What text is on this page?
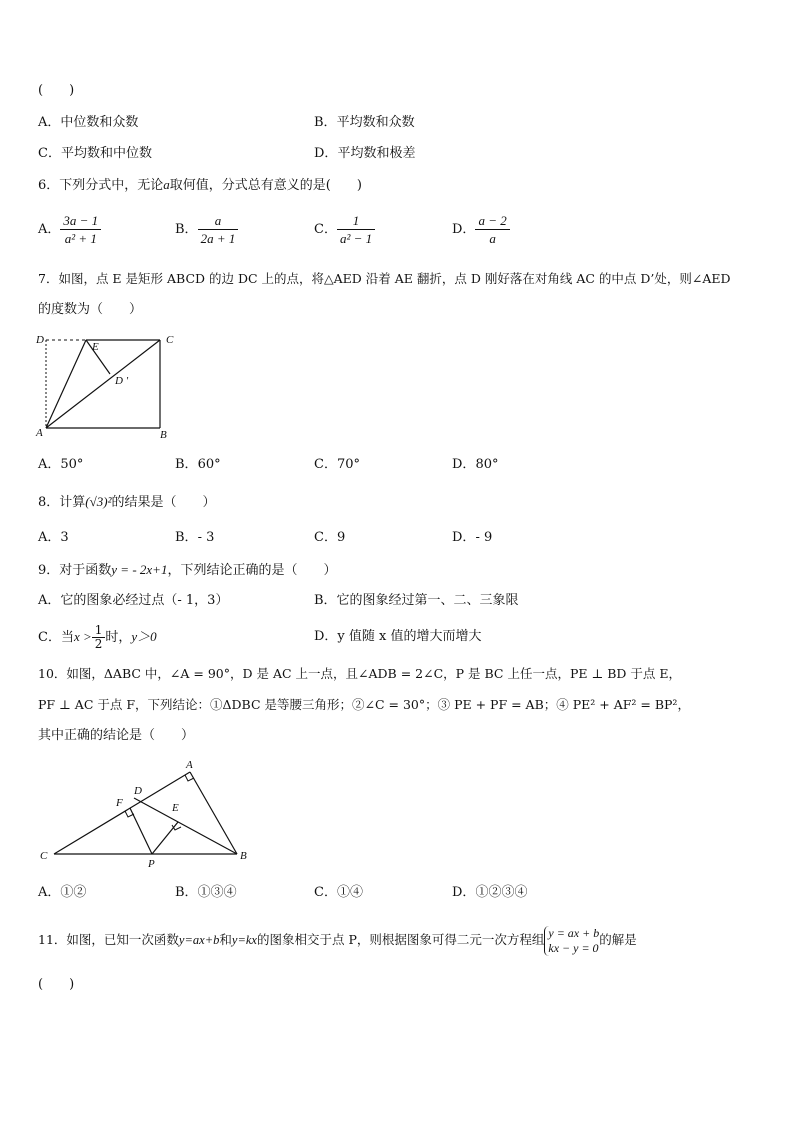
(　　)
A．中位数和众数	B．平均数和众数
C．平均数和中位数	D．平均数和极差
6．下列分式中，无论a取何值，分式总有意义的是(　　)
A． $\frac{3a - 1}{\text{a² + 1}}$	B． $\frac{a}{2a + 1}$	C． $\frac{1}{\text{a² − 1}}$	D． $\frac{a - 2}{a}$
7．如图，点 E 是矩形 ABCD 的边 DC 上的点，将△AED 沿着 AE 翻折，点 D 刚好落在对角线 AC 的中点 D’处，则∠AED
的度数为（　　）
D
E
C
D '
A	B
A．50°	B．60°	C．70°	D．80°
8．计算(√3)²的结果是（　　）
A．3	B．- 3	C．9	D．- 9
9．对于函数y = - 2x+1，下列结论正确的是（　　）
A．它的图象必经过点（- 1，3）	B．它的图象经过第一、二、三象限
C．当$x > \frac{1}{2}$ 时，y＞0	D．y 值随 x 值的增大而增大
10．如图，ΔABC 中，∠A = 90°，D 是 AC 上一点，且∠ADB = 2∠C，P 是 BC 上任一点，PE ⊥ BD 于点 E，
PF ⊥ AC 于点 F，下列结论：①ΔDBC 是等腰三角形；②∠C = 30°；③ PE + PF = AB；④ PE² + AF² = BP²，
其中正确的结论是（　　）
A
D
F	E
C
P
B
A．①②	B．①③④	C．①④	D．①②③④
11．如图，已知一次函数y=ax+b和y=kx的图象相交于点 P，则根据图象可得二元一次方程组 y = ax + b
kx − y = 0
的解是
(　　)
